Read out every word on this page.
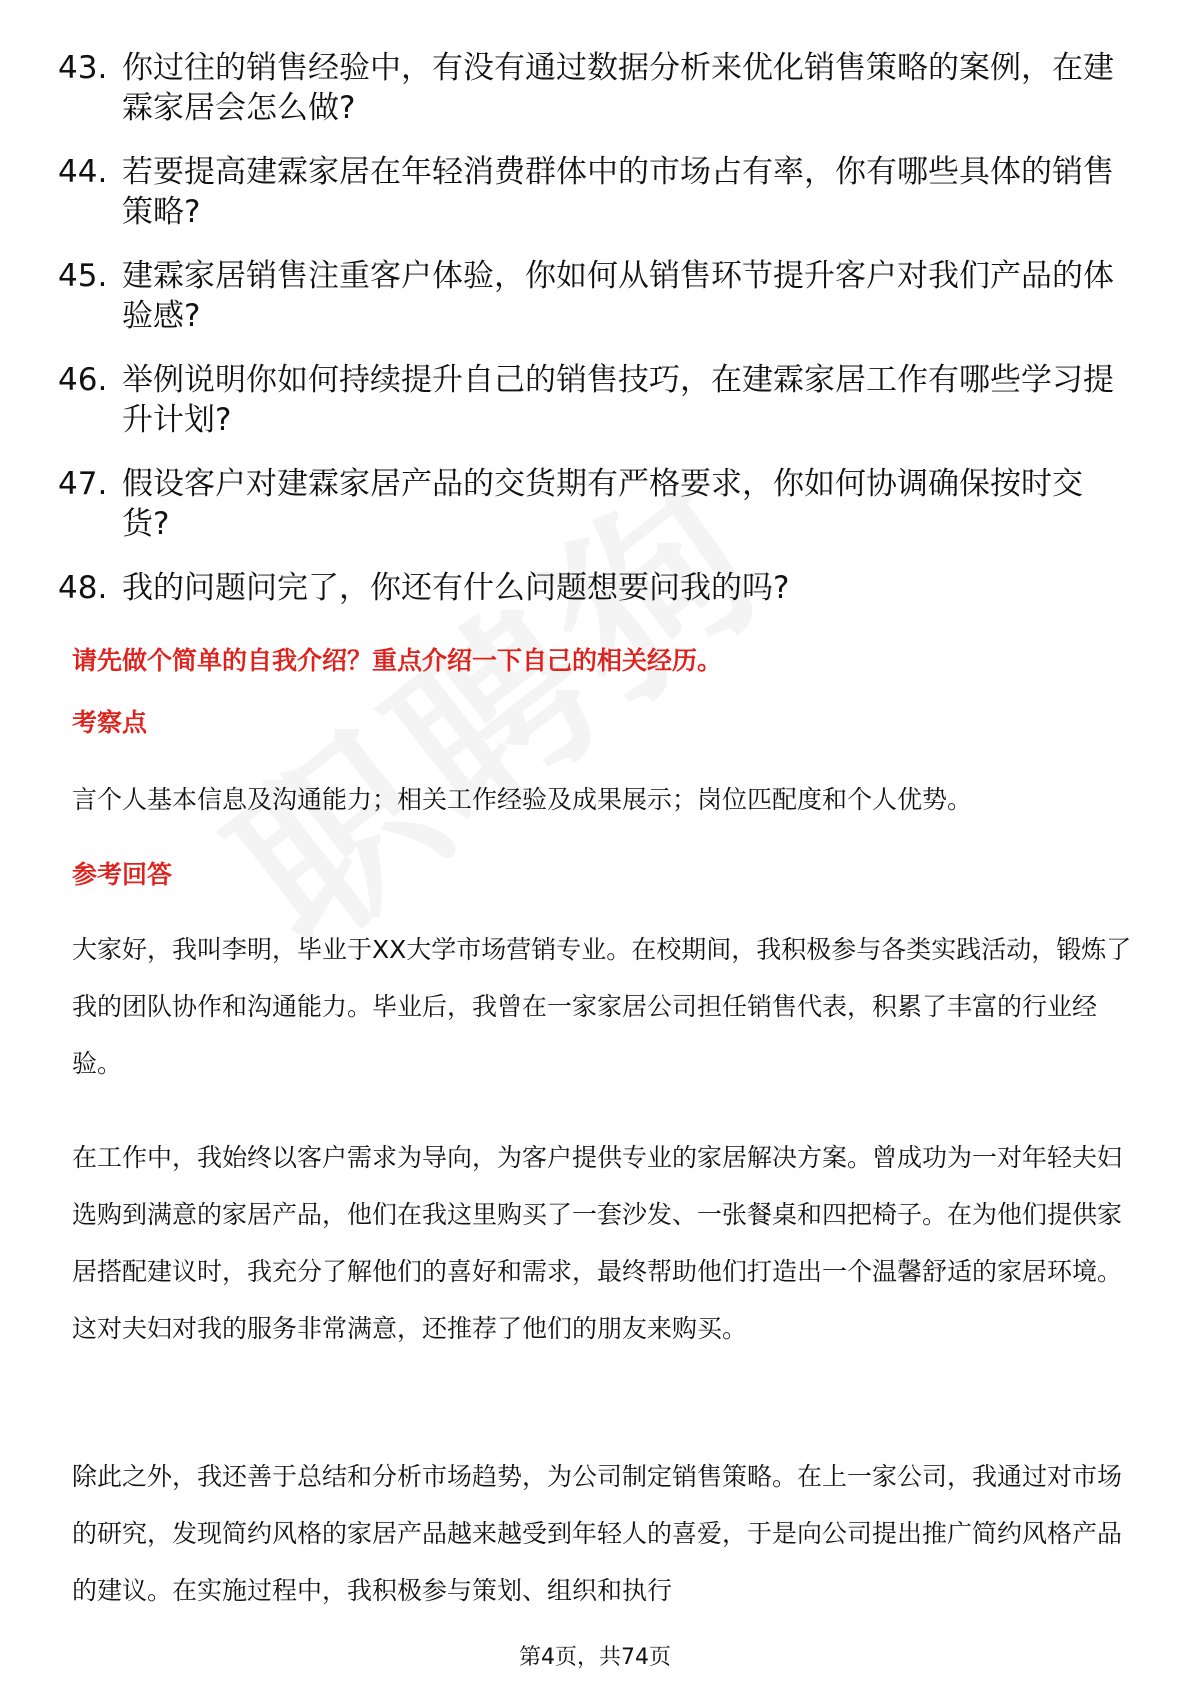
43. 你过往的销售经验中，有没有通过数据分析来优化销售策略的案例，在建霖家居会怎么做?
44. 若要提高建霖家居在年轻消费群体中的市场占有率，你有哪些具体的销售策略?
45. 建霖家居销售注重客户体验，你如何从销售环节提升客户对我们产品的体验感?
46. 举例说明你如何持续提升自己的销售技巧，在建霖家居工作有哪些学习提升计划?
47. 假设客户对建霖家居产品的交货期有严格要求，你如何协调确保按时交货?
48. 我的问题问完了，你还有什么问题想要问我的吗?
请先做个简单的自我介绍？重点介绍一下自己的相关经历。
考察点

言个人基本信息及沟通能力；相关工作经验及成果展示；岗位匹配度和个人优势。

参考回答

大家好，我叫李明，毕业于XX大学市场营销专业。在校期间，我积极参与各类实践活动，锻炼了我的团队协作和沟通能力。毕业后，我曾在一家家居公司担任销售代表，积累了丰富的行业经验。

在工作中，我始终以客户需求为导向，为客户提供专业的家居解决方案。曾成功为一对年轻夫妇选购到满意的家居产品，他们在我这里购买了一套沙发、一张餐桌和四把椅子。在为他们提供家居搭配建议时，我充分了解他们的喜好和需求，最终帮助他们打造出一个温馨舒适的家居环境。这对夫妇对我的服务非常满意，还推荐了他们的朋友来购买。

除此之外，我还善于总结和分析市场趋势，为公司制定销售策略。在上一家公司，我通过对市场的研究，发现简约风格的家居产品越来越受到年轻人的喜爱，于是向公司提出推广简约风格产品的建议。在实施过程中，我积极参与策划、组织和执行

第4页，共74页
